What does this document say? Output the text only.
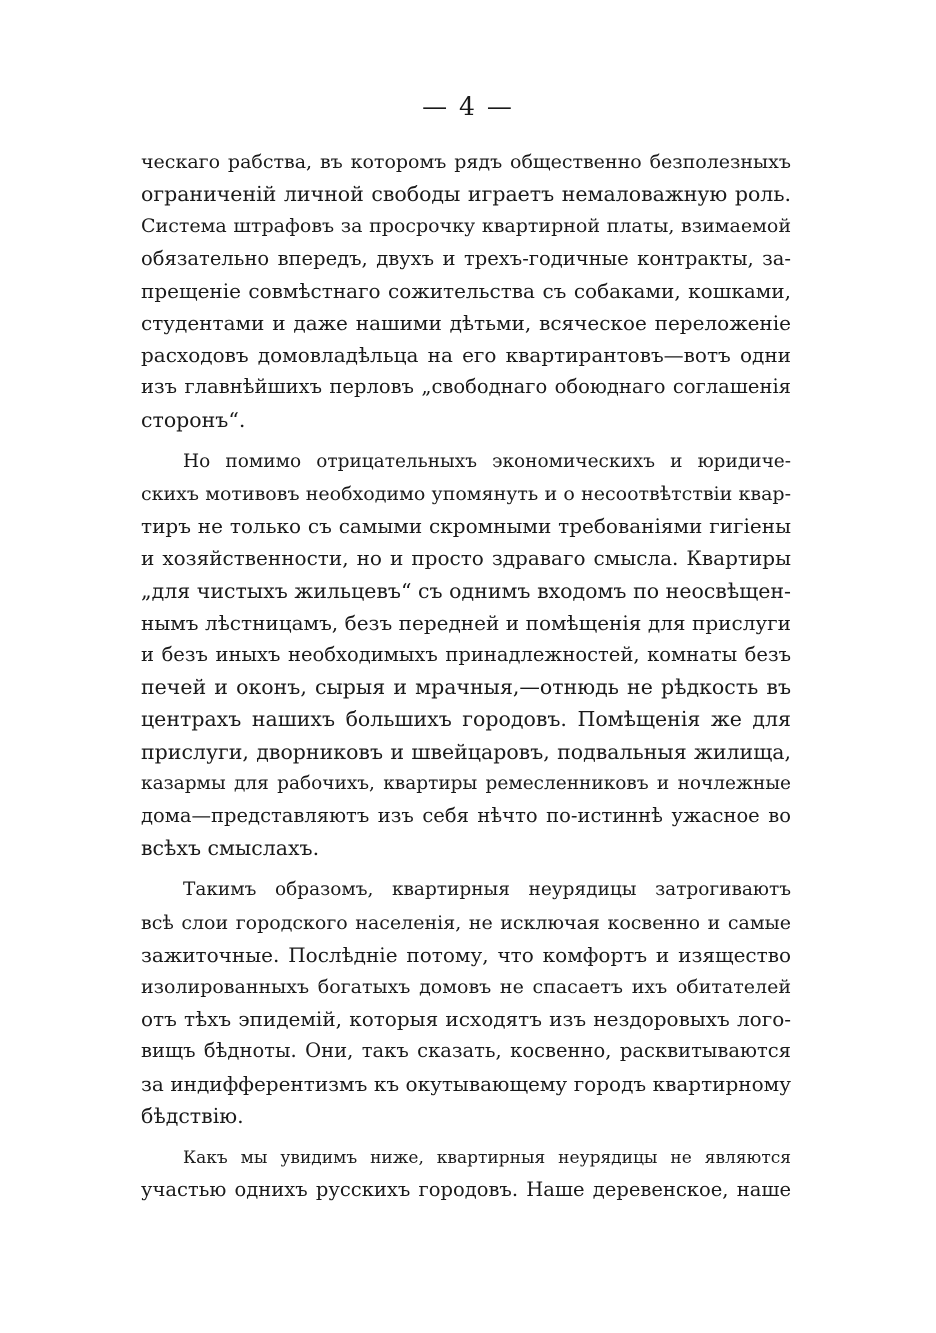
— 4 —

ческаго рабства, въ которомъ рядъ общественно безполезныхъ
ограниченій личной свободы играетъ немаловажную роль.
Система штрафовъ за просрочку квартирной платы, взимаемой
обязательно впередъ, двухъ и трехъ-годичные контракты, за-
прещеніе совмѣстнаго сожительства съ собаками, кошками,
студентами и даже нашими дѣтьми, всяческое переложеніе
расходовъ домовладѣльца на его квартирантовъ—вотъ одни
изъ главнѣйшихъ перловъ „свободнаго обоюднаго соглашенія
сторонъ“.

Но помимо отрицательныхъ экономическихъ и юридиче-
скихъ мотивовъ необходимо упомянуть и о несоотвѣтствіи квар-
тиръ не только съ самыми скромными требованіями гигіены
и хозяйственности, но и просто здраваго смысла. Квартиры
„для чистыхъ жильцевъ“ съ однимъ входомъ по неосвѣщен-
нымъ лѣстницамъ, безъ передней и помѣщенія для прислуги
и безъ иныхъ необходимыхъ принадлежностей, комнаты безъ
печей и оконъ, сырыя и мрачныя,—отнюдь не рѣдкость въ
центрахъ нашихъ большихъ городовъ. Помѣщенія же для
прислуги, дворниковъ и швейцаровъ, подвальныя жилища,
казармы для рабочихъ, квартиры ремесленниковъ и ночлежные
дома—представляютъ изъ себя нѣчто по-истиннѣ ужасное во
всѣхъ смыслахъ.

Такимъ образомъ, квартирныя неурядицы затрогиваютъ
всѣ слои городского населенія, не исключая косвенно и самые
зажиточные. Послѣдніе потому, что комфортъ и изящество
изолированныхъ богатыхъ домовъ не спасаетъ ихъ обитателей
отъ тѣхъ эпидемій, которыя исходятъ изъ нездоровыхъ лого-
вищъ бѣдноты. Они, такъ сказать, косвенно, расквитываются
за индифферентизмъ къ окутывающему городъ квартирному
бѣдствію.

Какъ мы увидимъ ниже, квартирныя неурядицы не являются
участью однихъ русскихъ городовъ. Наше деревенское, наше
